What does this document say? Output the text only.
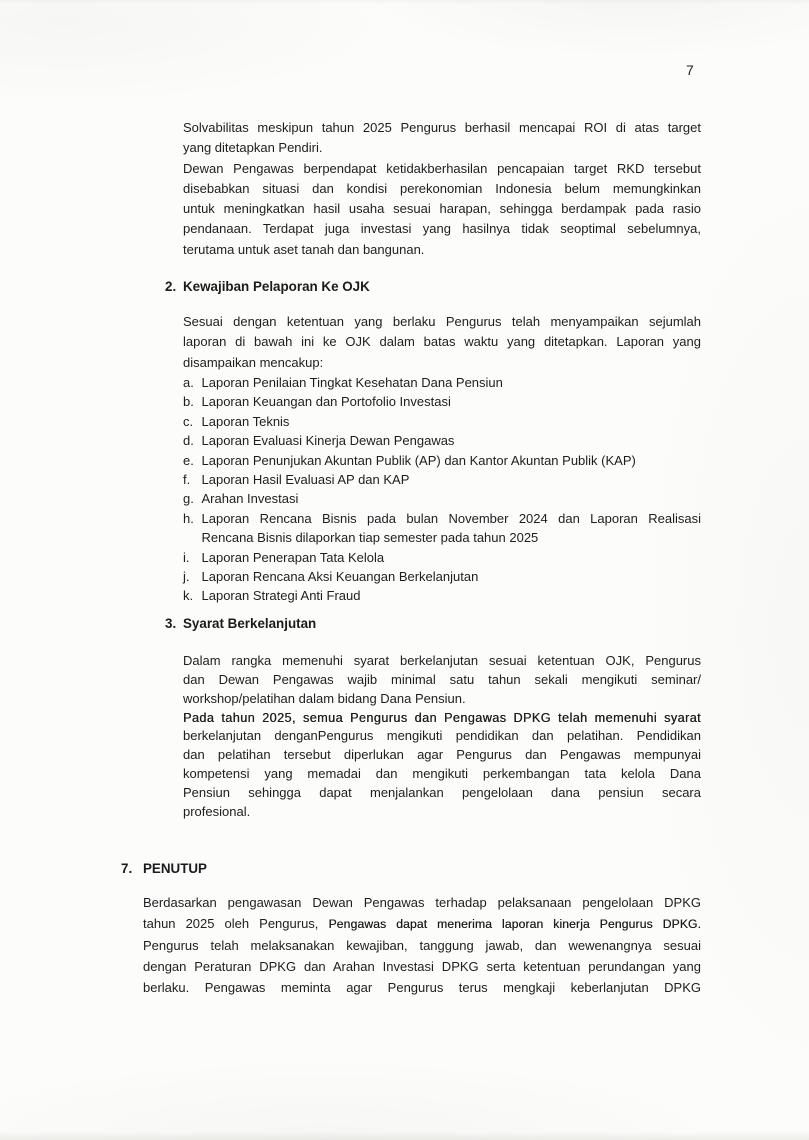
7
Solvabilitas meskipun tahun 2025 Pengurus berhasil mencapai ROI di atas target
yang ditetapkan Pendiri.
Dewan Pengawas berpendapat ketidakberhasilan pencapaian target RKD tersebut
disebabkan situasi dan kondisi perekonomian Indonesia belum memungkinkan
untuk meningkatkan hasil usaha sesuai harapan, sehingga berdampak pada rasio
pendanaan. Terdapat juga investasi yang hasilnya tidak seoptimal sebelumnya,
terutama untuk aset tanah dan bangunan.
2. Kewajiban Pelaporan Ke OJK
Sesuai dengan ketentuan yang berlaku Pengurus telah menyampaikan sejumlah
laporan di bawah ini ke OJK dalam batas waktu yang ditetapkan. Laporan yang
disampaikan mencakup:
a. Laporan Penilaian Tingkat Kesehatan Dana Pensiun
b. Laporan Keuangan dan Portofolio Investasi
c. Laporan Teknis
d. Laporan Evaluasi Kinerja Dewan Pengawas
e. Laporan Penunjukan Akuntan Publik (AP) dan Kantor Akuntan Publik (KAP)
f. Laporan Hasil Evaluasi AP dan KAP
g. Arahan Investasi
h. Laporan Rencana Bisnis pada bulan November 2024 dan Laporan Realisasi
Rencana Bisnis dilaporkan tiap semester pada tahun 2025
i. Laporan Penerapan Tata Kelola
j. Laporan Rencana Aksi Keuangan Berkelanjutan
k. Laporan Strategi Anti Fraud
3. Syarat Berkelanjutan
Dalam rangka memenuhi syarat berkelanjutan sesuai ketentuan OJK, Pengurus
dan Dewan Pengawas wajib minimal satu tahun sekali mengikuti seminar/
workshop/pelatihan dalam bidang Dana Pensiun.
Pada tahun 2025, semua Pengurus dan Pengawas DPKG telah memenuhi syarat
berkelanjutan denganPengurus mengikuti pendidikan dan pelatihan. Pendidikan
dan pelatihan tersebut diperlukan agar Pengurus dan Pengawas mempunyai
kompetensi yang memadai dan mengikuti perkembangan tata kelola Dana
Pensiun sehingga dapat menjalankan pengelolaan dana pensiun secara
profesional.
7. PENUTUP
Berdasarkan pengawasan Dewan Pengawas terhadap pelaksanaan pengelolaan DPKG
tahun 2025 oleh Pengurus, Pengawas dapat menerima laporan kinerja Pengurus DPKG.
Pengurus telah melaksanakan kewajiban, tanggung jawab, dan wewenangnya sesuai
dengan Peraturan DPKG dan Arahan Investasi DPKG serta ketentuan perundangan yang
berlaku. Pengawas meminta agar Pengurus terus mengkaji keberlanjutan DPKG
